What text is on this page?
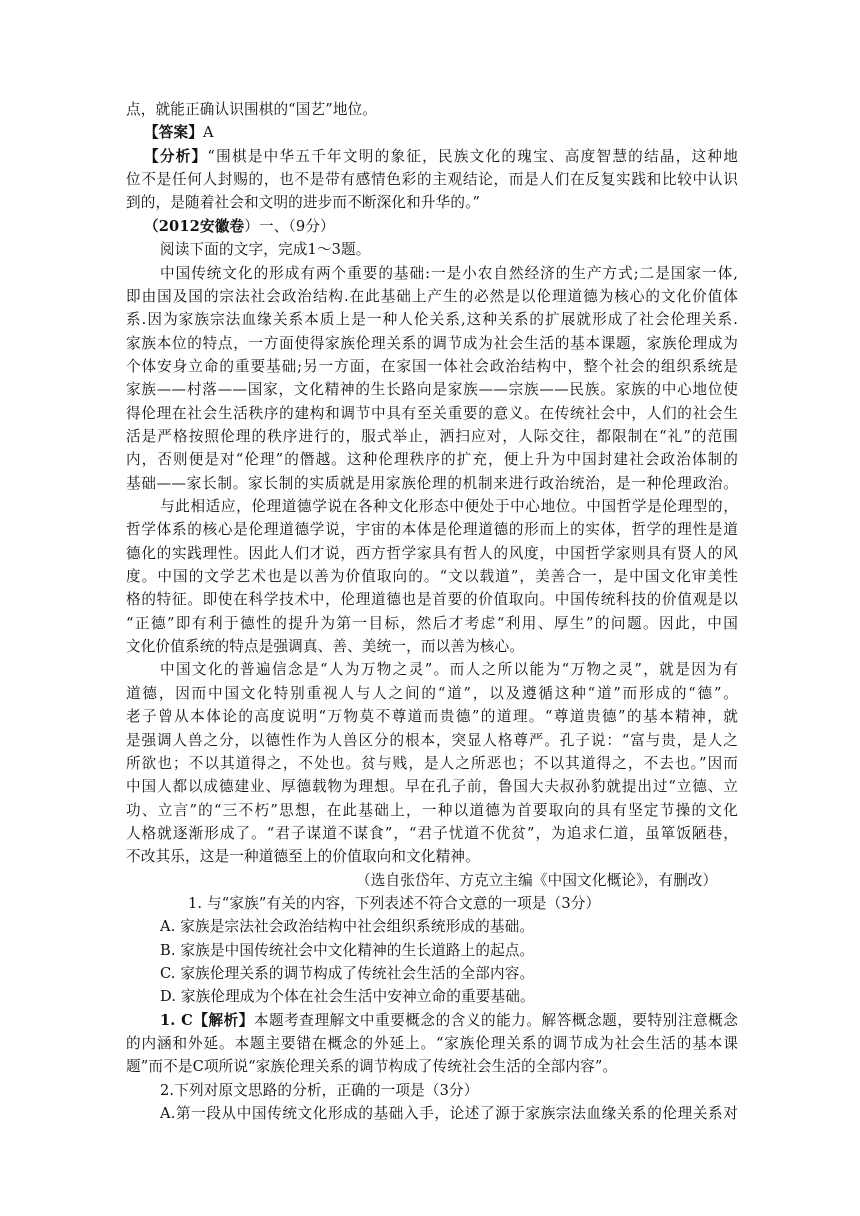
点，就能正确认识围棋的“国艺”地位。
【答案】A
【分析】“围棋是中华五千年文明的象征，民族文化的瑰宝、高度智慧的结晶，这种地
位不是任何人封赐的，也不是带有感情色彩的主观结论，而是人们在反复实践和比较中认识
到的，是随着社会和文明的进步而不断深化和升华的。”
（2012安徽卷）一、（9分）
阅读下面的文字，完成1～3题。
中国传统文化的形成有两个重要的基础:一是小农自然经济的生产方式;二是国家一体,
即由国及国的宗法社会政治结构.在此基础上产生的必然是以伦理道德为核心的文化价值体
系.因为家族宗法血缘关系本质上是一种人伦关系,这种关系的扩展就形成了社会伦理关系.
家族本位的特点，一方面使得家族伦理关系的调节成为社会生活的基本课题，家族伦理成为
个体安身立命的重要基础;另一方面，在家国一体社会政治结构中，整个社会的组织系统是
家族——村落——国家，文化精神的生长路向是家族——宗族——民族。家族的中心地位使
得伦理在社会生活秩序的建构和调节中具有至关重要的意义。在传统社会中，人们的社会生
活是严格按照伦理的秩序进行的，服式举止，洒扫应对，人际交往，都限制在“礼”的范围
内，否则便是对“伦理”的僭越。这种伦理秩序的扩充，便上升为中国封建社会政治体制的
基础——家长制。家长制的实质就是用家族伦理的机制来进行政治统治，是一种伦理政治。
与此相适应，伦理道德学说在各种文化形态中便处于中心地位。中国哲学是伦理型的，
哲学体系的核心是伦理道德学说，宇宙的本体是伦理道德的形而上的实体，哲学的理性是道
德化的实践理性。因此人们才说，西方哲学家具有哲人的风度，中国哲学家则具有贤人的风
度。中国的文学艺术也是以善为价值取向的。“文以载道”，美善合一，是中国文化审美性
格的特征。即使在科学技术中，伦理道德也是首要的价值取向。中国传统科技的价值观是以
“正德”即有利于德性的提升为第一目标，然后才考虑“利用、厚生”的问题。因此，中国
文化价值系统的特点是强调真、善、美统一，而以善为核心。
中国文化的普遍信念是“人为万物之灵”。而人之所以能为“万物之灵”，就是因为有
道德，因而中国文化特别重视人与人之间的“道”，以及遵循这种“道”而形成的“德”。
老子曾从本体论的高度说明“万物莫不尊道而贵德”的道理。“尊道贵德”的基本精神，就
是强调人兽之分，以德性作为人兽区分的根本，突显人格尊严。孔子说：“富与贵，是人之
所欲也；不以其道得之，不处也。贫与贱，是人之所恶也；不以其道得之，不去也。”因而
中国人都以成德建业、厚德载物为理想。早在孔子前，鲁国大夫叔孙豹就提出过“立德、立
功、立言”的“三不朽”思想，在此基础上，一种以道德为首要取向的具有坚定节操的文化
人格就逐渐形成了。“君子谋道不谋食”，“君子忧道不优贫”，为追求仁道，虽箪饭陋巷，
不改其乐，这是一种道德至上的价值取向和文化精神。
（选自张岱年、方克立主编《中国文化概论》，有删改）
1. 与“家族”有关的内容，下列表述不符合文意的一项是（3分）
A. 家族是宗法社会政治结构中社会组织系统形成的基础。
B. 家族是中国传统社会中文化精神的生长道路上的起点。
C. 家族伦理关系的调节构成了传统社会生活的全部内容。
D. 家族伦理成为个体在社会生活中安神立命的重要基础。
1. C【解析】本题考查理解文中重要概念的含义的能力。解答概念题，要特别注意概念
的内涵和外延。本题主要错在概念的外延上。“家族伦理关系的调节成为社会生活的基本课
题”而不是C项所说“家族伦理关系的调节构成了传统社会生活的全部内容”。
2.下列对原文思路的分析，正确的一项是（3分）
A.第一段从中国传统文化形成的基础入手，论述了源于家族宗法血缘关系的伦理关系对
